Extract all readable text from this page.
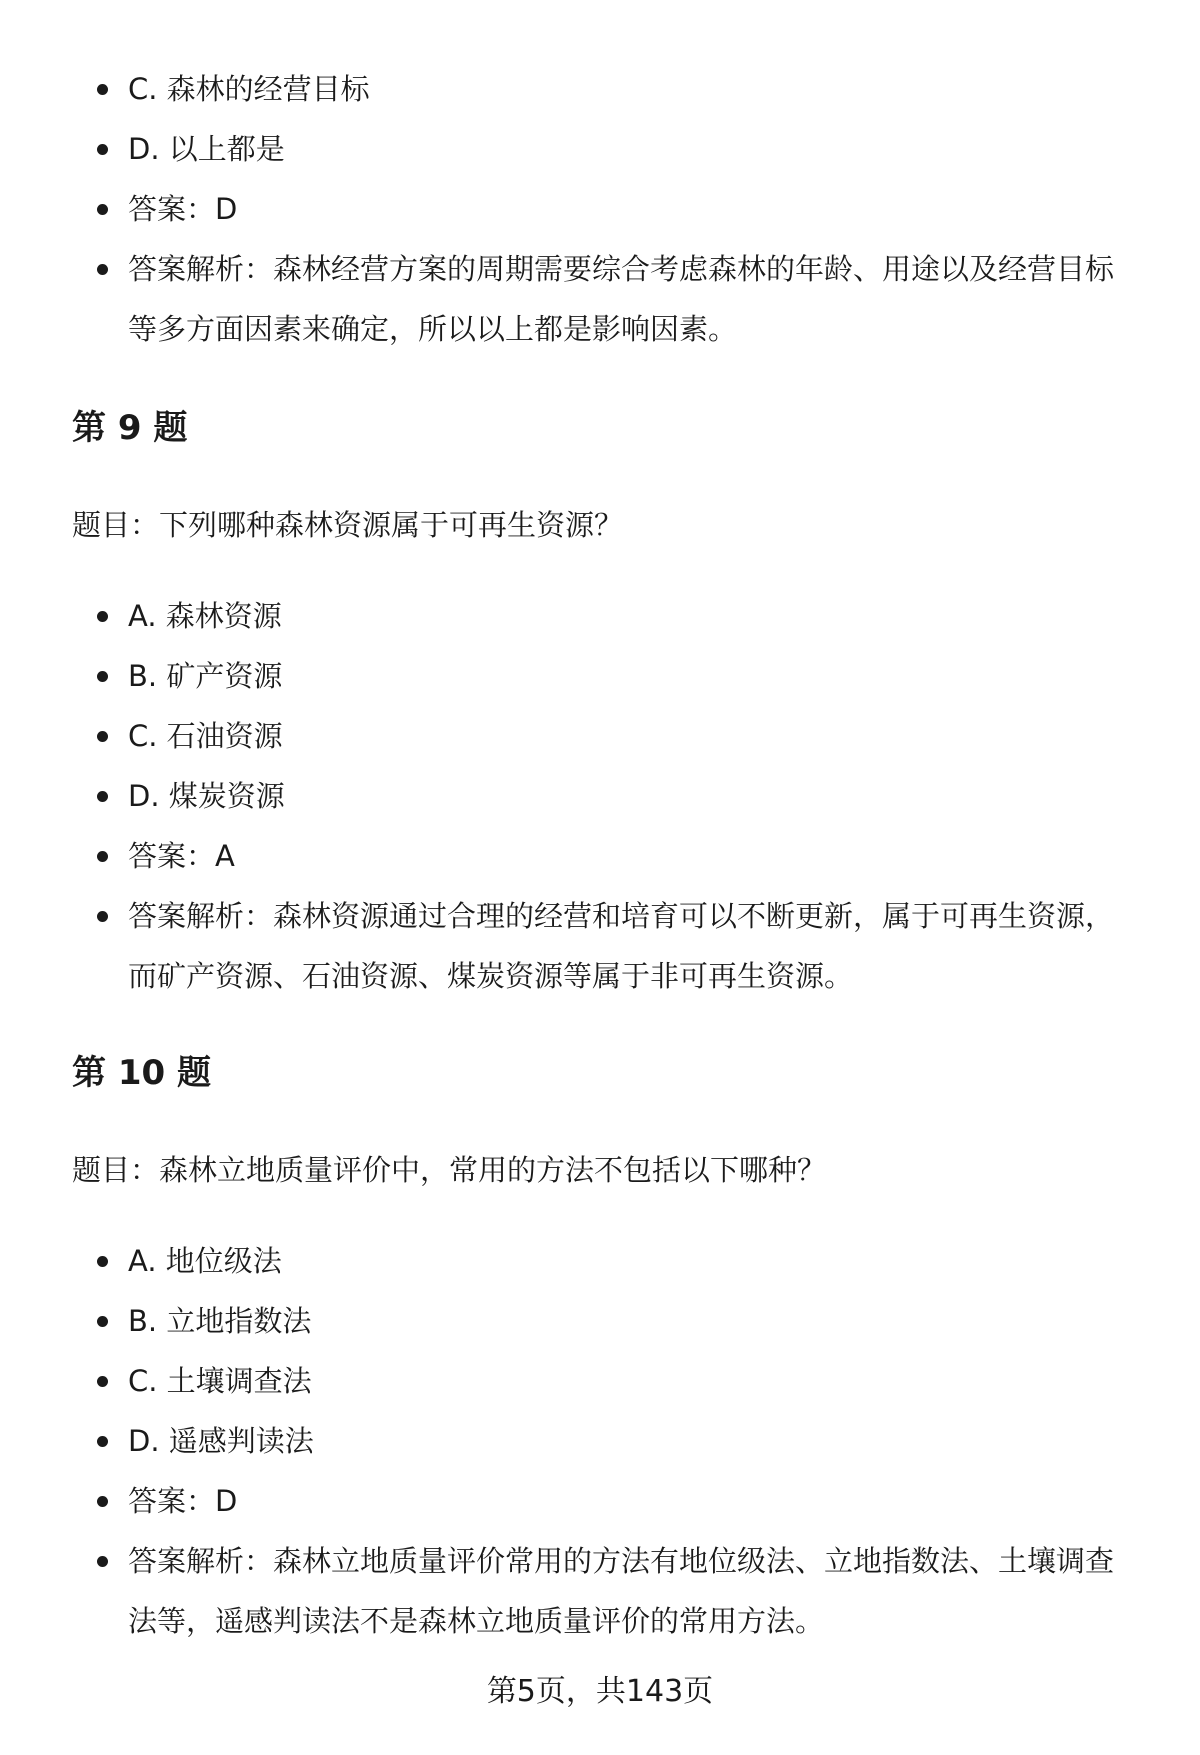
C. 森林的经营目标
D. 以上都是
答案：D
答案解析：森林经营方案的周期需要综合考虑森林的年龄、用途以及经营目标等多方面因素来确定，所以以上都是影响因素。
第 9 题

题目：下列哪种森林资源属于可再生资源？

A. 森林资源
B. 矿产资源
C. 石油资源
D. 煤炭资源
答案：A
答案解析：森林资源通过合理的经营和培育可以不断更新，属于可再生资源，而矿产资源、石油资源、煤炭资源等属于非可再生资源。
第 10 题

题目：森林立地质量评价中，常用的方法不包括以下哪种？

A. 地位级法
B. 立地指数法
C. 土壤调查法
D. 遥感判读法
答案：D
答案解析：森林立地质量评价常用的方法有地位级法、立地指数法、土壤调查法等，遥感判读法不是森林立地质量评价的常用方法。
第5页，共143页
